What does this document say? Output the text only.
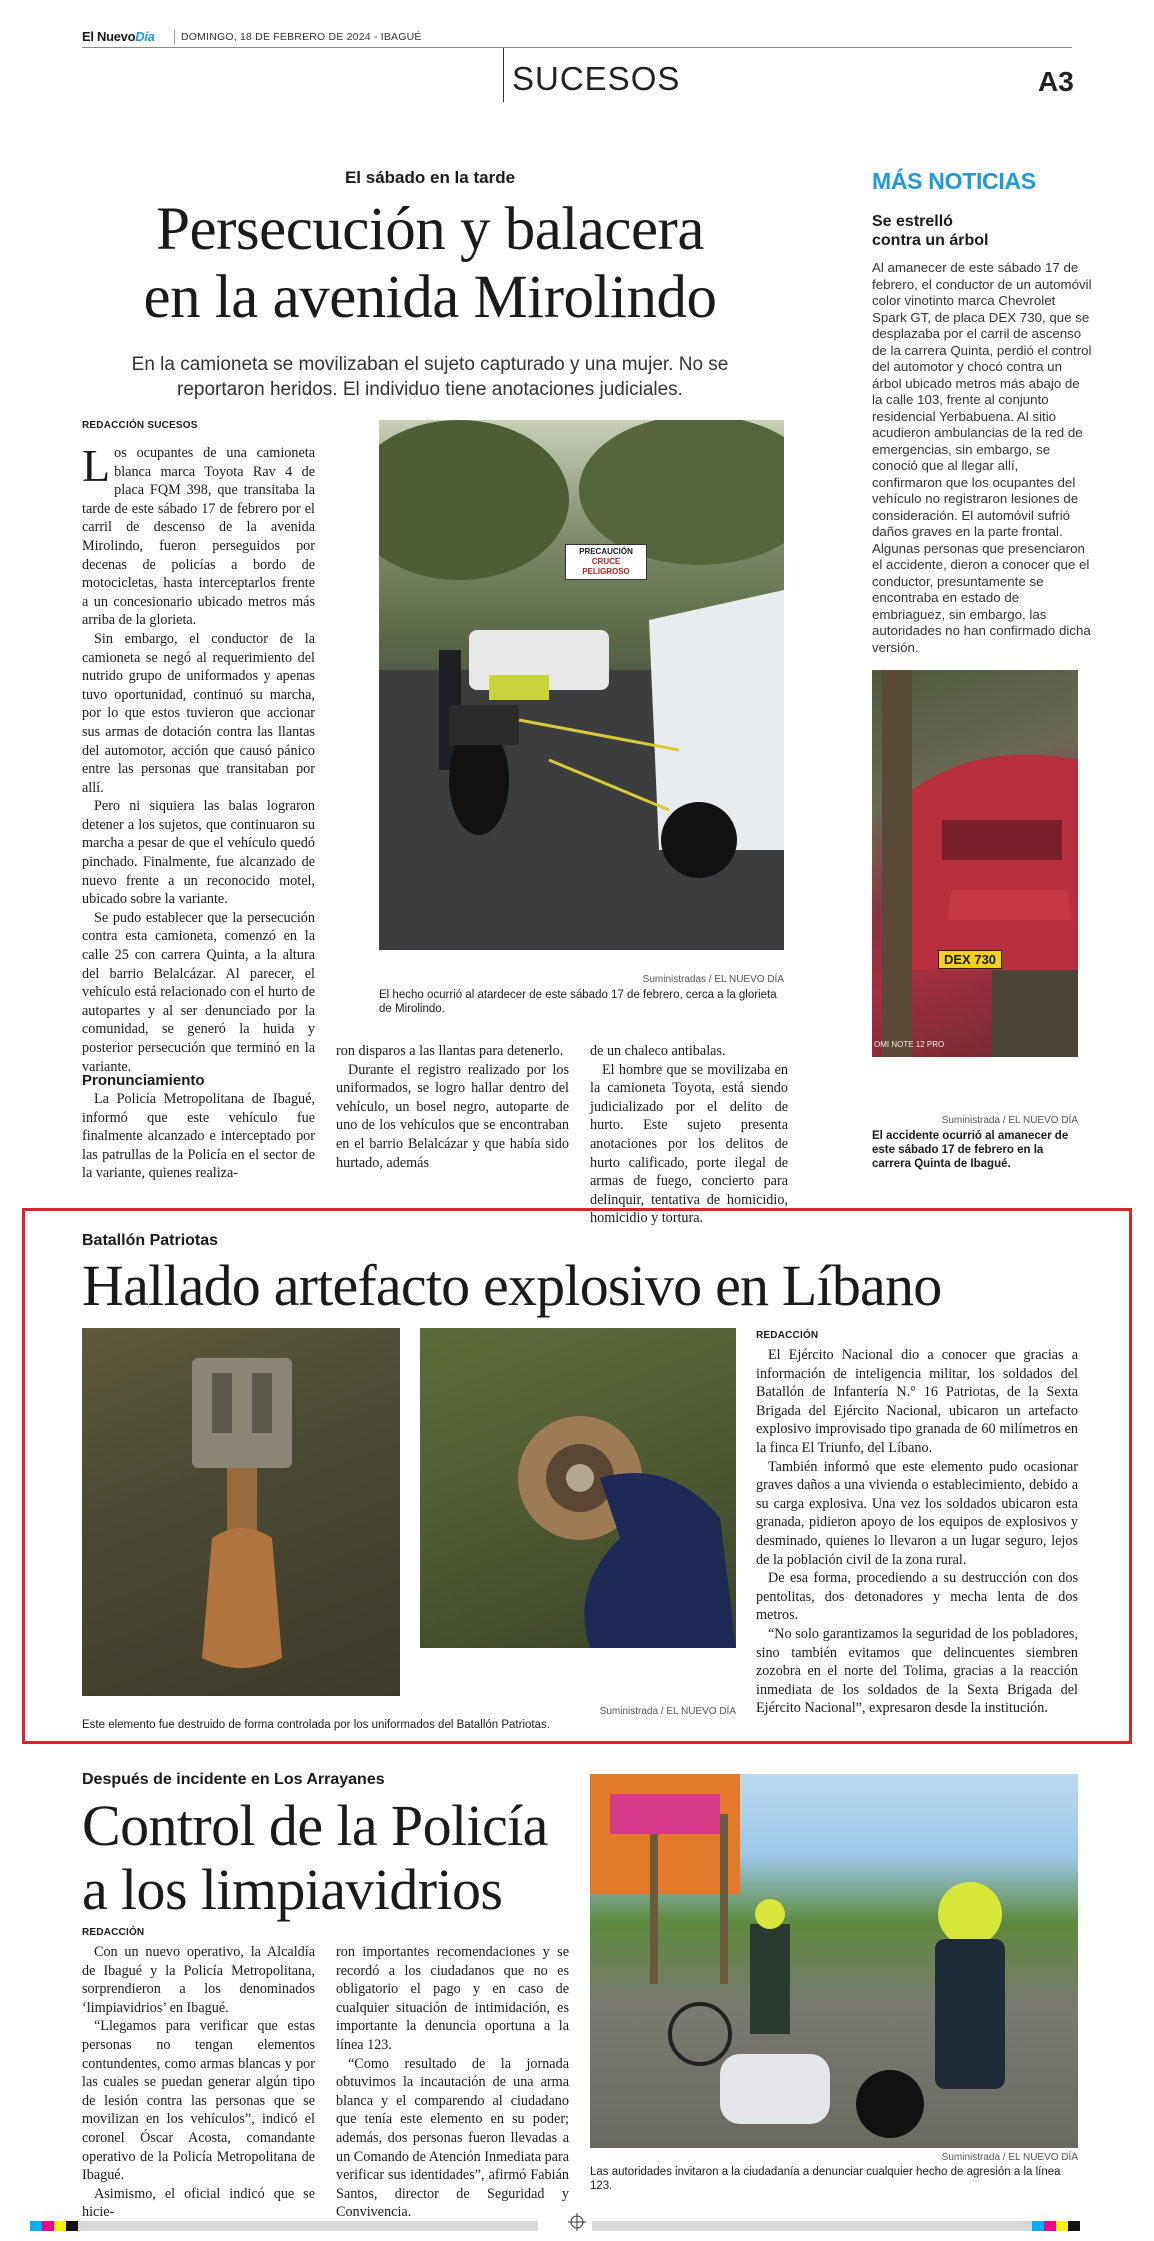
El NuevoDía	DOMINGO, 18 DE FEBRERO DE 2024 - IBAGUÉ
SUCESOS	A3
El sábado en la tarde
Persecución y balacera
en la avenida Mirolindo
En la camioneta se movilizaban el sujeto capturado y una mujer. No se
reportaron heridos. El individuo tiene anotaciones judiciales.
REDACCIÓN SUCESOS
L os ocupantes de una camioneta blanca marca Toyota Rav 4 de placa FQM 398, que transitaba la tarde de este sábado 17 de febrero por el carril de descenso de la avenida Mirolindo, fueron perseguidos por decenas de policías a bordo de motocicletas, hasta interceptarlos frente a un concesionario ubicado metros más arriba de la glorieta.

Sin embargo, el conductor de la camioneta se negó al requerimiento del nutrido grupo de uniformados y apenas tuvo oportunidad, continuó su marcha, por lo que estos tuvieron que accionar sus armas de dotación contra las llantas del automotor, acción que causó pánico entre las personas que transitaban por allí.

Pero ni siquiera las balas lograron detener a los sujetos, que continuaron su marcha a pesar de que el vehículo quedó pinchado. Finalmente, fue alcanzado de nuevo frente a un reconocido motel, ubicado sobre la variante.

Se pudo establecer que la persecución contra esta camioneta, comenzó en la calle 25 con carrera Quinta, a la altura del barrio Belalcázar. Al parecer, el vehículo está relacionado con el hurto de autopartes y al ser denunciado por la comunidad, se generó la huida y posterior persecución que terminó en la variante.

Pronunciamiento

La Policía Metropolitana de Ibagué, informó que este vehículo fue finalmente alcanzado e interceptado por las patrullas de la Policía en el sector de la variante, quienes realiza-

PRECAUCIÓN
CRUCE
PELIGROSO
Suministradas / EL NUEVO DÍA
El hecho ocurrió al atardecer de este sábado 17 de febrero, cerca a la glorieta de Mirolindo.

ron disparos a las llantas para detenerlo.

Durante el registro realizado por los uniformados, se logro hallar dentro del vehículo, un bosel negro, autoparte de uno de los vehículos que se encontraban en el barrio Belalcázar y que había sido hurtado, además

de un chaleco antibalas.

El hombre que se movilizaba en la camioneta Toyota, está siendo judicializado por el delito de hurto. Este sujeto presenta anotaciones por los delitos de hurto calificado, porte ilegal de armas de fuego, concierto para delinquir, tentativa de homicidio, homicidio y tortura.

MÁS NOTICIAS
Se estrelló
contra un árbol
Al amanecer de este sábado 17 de febrero, el conductor de un automóvil color vinotinto marca Chevrolet Spark GT, de placa DEX 730, que se desplazaba por el carril de ascenso de la carrera Quinta, perdió el control del automotor y chocó contra un árbol ubicado metros más abajo de la calle 103, frente al conjunto residencial Yerbabuena. Al sitio acudieron ambulancias de la red de emergencias, sin embargo, se conoció que al llegar allí, confirmaron que los ocupantes del vehículo no registraron lesiones de consideración. El automóvil sufrió daños graves en la parte frontal. Algunas personas que presenciaron el accidente, dieron a conocer que el conductor, presuntamente se encontraba en estado de embriaguez, sin embargo, las autoridades no han confirmado dicha versión.
DEX 730
OMI NOTE 12 PRO
Suministrada / EL NUEVO DÍA
El accidente ocurrió al amanecer de este sábado 17 de febrero en la carrera Quinta de Ibagué.
Batallón Patriotas
Hallado artefacto explosivo en Líbano
Suministrada / EL NUEVO DÍA
Este elemento fue destruido de forma controlada por los uniformados del Batallón Patriotas.
REDACCIÓN

El Ejército Nacional dio a conocer que gracias a información de inteligencia militar, los soldados del Batallón de Infantería N.° 16 Patriotas, de la Sexta Brigada del Ejército Nacional, ubicaron un artefacto explosivo improvisado tipo granada de 60 milímetros en la finca El Triunfo, del Líbano.

También informó que este elemento pudo ocasionar graves daños a una vivienda o establecimiento, debido a su carga explosiva. Una vez los soldados ubicaron esta granada, pidieron apoyo de los equipos de explosivos y desminado, quienes lo llevaron a un lugar seguro, lejos de la población civil de la zona rural.

De esa forma, procediendo a su destrucción con dos pentolitas, dos detonadores y mecha lenta de dos metros.

“No solo garantizamos la seguridad de los pobladores, sino también evitamos que delincuentes siembren zozobra en el norte del Tolima, gracias a la reacción inmediata de los soldados de la Sexta Brigada del Ejército Nacional”, expresaron desde la institución.

Después de incidente en Los Arrayanes
Control de la Policía
a los limpiavidrios
REDACCIÓN

Con un nuevo operativo, la Alcaldía de Ibagué y la Policía Metropolitana, sorprendieron a los denominados ‘limpiavidrios’ en Ibagué.

“Llegamos para verificar que estas personas no tengan elementos contundentes, como armas blancas y por las cuales se puedan generar algún tipo de lesión contra las personas que se movilizan en los vehículos”, indicó el coronel Óscar Acosta, comandante operativo de la Policía Metropolitana de Ibagué.

Asimismo, el oficial indicó que se hicie-

ron importantes recomendaciones y se recordó a los ciudadanos que no es obligatorio el pago y en caso de cualquier situación de intimidación, es importante la denuncia oportuna a la línea 123.

“Como resultado de la jornada obtuvimos la incautación de una arma blanca y el comparendo al ciudadano que tenía este elemento en su poder; además, dos personas fueron llevadas a un Comando de Atención Inmediata para verificar sus identidades”, afirmó Fabián Santos, director de Seguridad y Convivencia.

Suministrada / EL NUEVO DÍA
Las autoridades invitaron a la ciudadanía a denunciar cualquier hecho de agresión a la línea 123.
